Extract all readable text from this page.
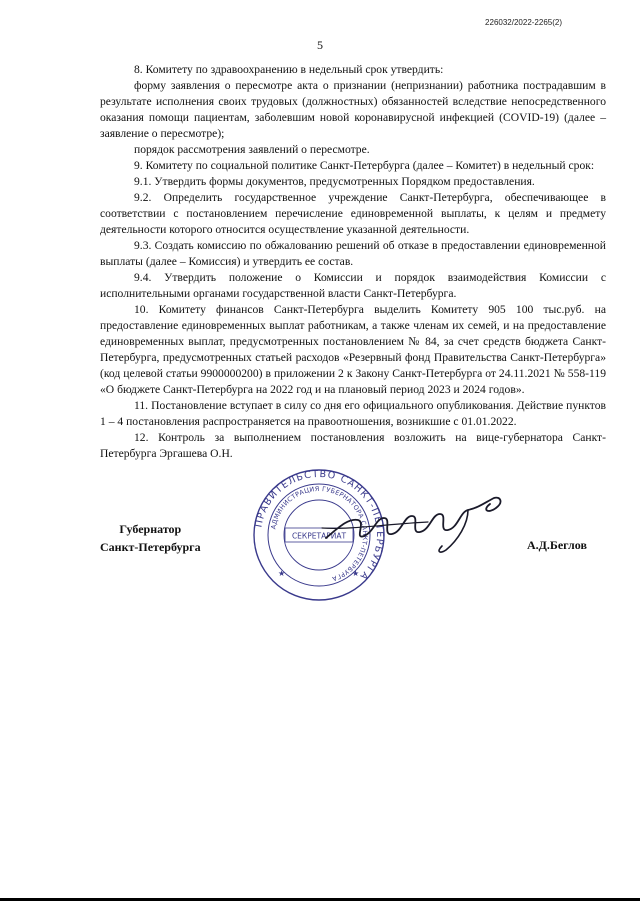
226032/2022-2265(2)
5

8. Комитету по здравоохранению в недельный срок утвердить:

форму заявления о пересмотре акта о признании (непризнании) работника пострадавшим в результате исполнения своих трудовых (должностных) обязанностей вследствие непосредственного оказания помощи пациентам, заболевшим новой коронавирусной инфекцией (COVID-19) (далее – заявление о пересмотре);

порядок рассмотрения заявлений о пересмотре.

9. Комитету по социальной политике Санкт-Петербурга (далее – Комитет) в недельный срок:

9.1. Утвердить формы документов, предусмотренных Порядком предоставления.

9.2. Определить государственное учреждение Санкт-Петербурга, обеспечивающее в соответствии с постановлением перечисление единовременной выплаты, к целям и предмету деятельности которого относится осуществление указанной деятельности.

9.3. Создать комиссию по обжалованию решений об отказе в предоставлении единовременной выплаты (далее – Комиссия) и утвердить ее состав.

9.4. Утвердить положение о Комиссии и порядок взаимодействия Комиссии с исполнительными органами государственной власти Санкт-Петербурга.

10. Комитету финансов Санкт-Петербурга выделить Комитету 905 100 тыс.руб. на предоставление единовременных выплат работникам, а также членам их семей, и на предоставление единовременных выплат, предусмотренных постановлением № 84, за счет средств бюджета Санкт-Петербурга, предусмотренных статьей расходов «Резервный фонд Правительства Санкт-Петербурга» (код целевой статьи 9900000200) в приложении 2 к Закону Санкт-Петербурга от 24.11.2021 № 558-119 «О бюджете Санкт-Петербурга на 2022 год и на плановый период 2023 и 2024 годов».

11. Постановление вступает в силу со дня его официального опубликования. Действие пунктов 1 – 4 постановления распространяется на правоотношения, возникшие с 01.01.2022.

12. Контроль за выполнением постановления возложить на вице-губернатора Санкт-Петербурга Эргашева О.Н.

Губернатор
Санкт-Петербурга
ПРАВИТЕЛЬСТВО САНКТ-ПЕТЕРБУРГА
АДМИНИСТРАЦИЯ ГУБЕРНАТОРА САНКТ-ПЕТЕРБУРГА
СЕКРЕТАРИАТ
★	★
А.Д.Беглов
